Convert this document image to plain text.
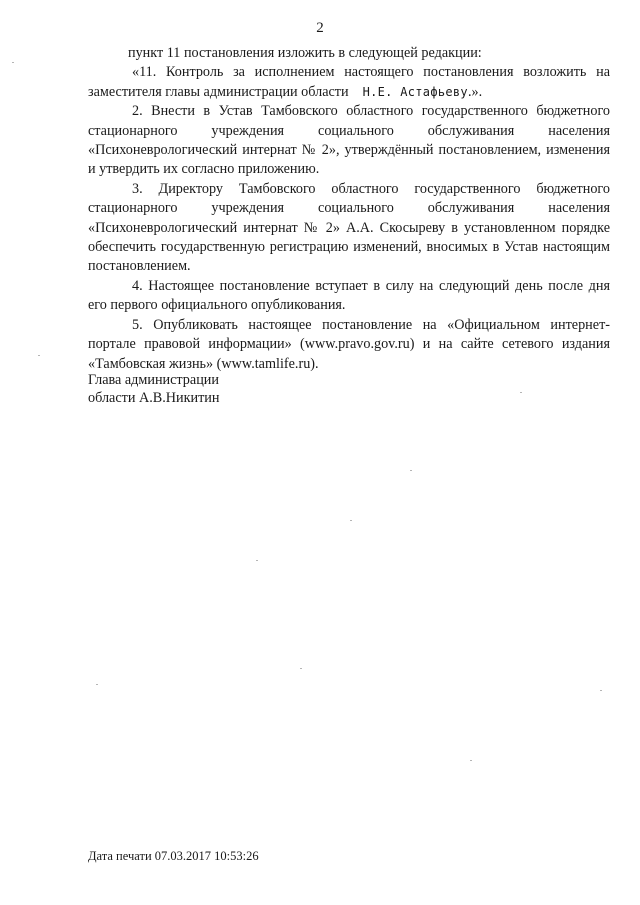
2

пункт 11 постановления изложить в следующей редакции:

«11. Контроль за исполнением настоящего постановления возложить на заместителя главы администрации области Н.Е. Астафьеву.».

2. Внести в Устав Тамбовского областного государственного бюджетного стационарного учреждения социального обслуживания населения «Психоневрологический интернат № 2», утверждённый постановлением, изменения и утвердить их согласно приложению.

3. Директору Тамбовского областного государственного бюджетного стационарного учреждения социального обслуживания населения «Психоневрологический интернат № 2» А.А. Скосыреву в установленном порядке обеспечить государственную регистрацию изменений, вносимых в Устав настоящим постановлением.

4. Настоящее постановление вступает в силу на следующий день после дня его первого официального опубликования.

5. Опубликовать настоящее постановление на «Официальном интернет-портале правовой информации» (www.pravo.gov.ru) и на сайте сетевого издания «Тамбовская жизнь» (www.tamlife.ru).

Глава администрации
области А.В.Никитин
Дата печати 07.03.2017 10:53:26
